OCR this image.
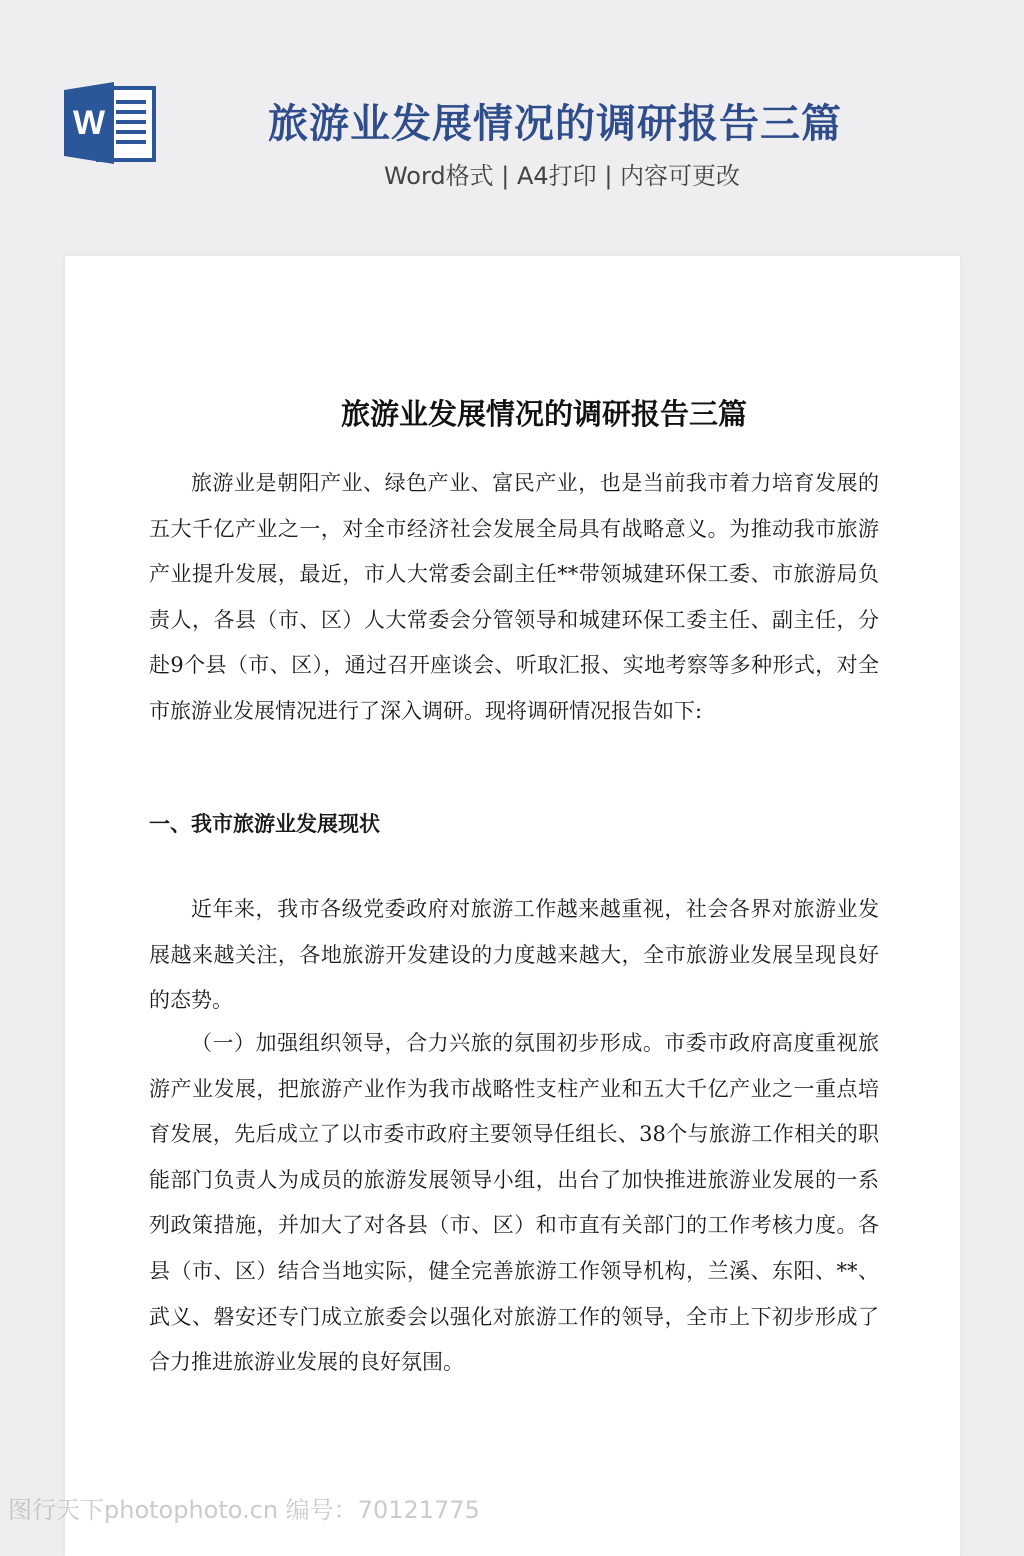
W	旅游业发展情况的调研报告三篇
Word格式 | A4打印 | 内容可更改
旅游业发展情况的调研报告三篇

旅游业是朝阳产业、绿色产业、富民产业，也是当前我市着力培育发展的五大千亿产业之一，对全市经济社会发展全局具有战略意义。为推动我市旅游产业提升发展，最近，市人大常委会副主任**带领城建环保工委、市旅游局负责人，各县（市、区）人大常委会分管领导和城建环保工委主任、副主任，分赴9个县（市、区），通过召开座谈会、听取汇报、实地考察等多种形式，对全市旅游业发展情况进行了深入调研。现将调研情况报告如下:

一、我市旅游业发展现状

近年来，我市各级党委政府对旅游工作越来越重视，社会各界对旅游业发展越来越关注，各地旅游开发建设的力度越来越大，全市旅游业发展呈现良好的态势。

（一）加强组织领导，合力兴旅的氛围初步形成。市委市政府高度重视旅游产业发展，把旅游产业作为我市战略性支柱产业和五大千亿产业之一重点培育发展，先后成立了以市委市政府主要领导任组长、38个与旅游工作相关的职能部门负责人为成员的旅游发展领导小组，出台了加快推进旅游业发展的一系列政策措施，并加大了对各县（市、区）和市直有关部门的工作考核力度。各县（市、区）结合当地实际，健全完善旅游工作领导机构，兰溪、东阳、**、武义、磐安还专门成立旅委会以强化对旅游工作的领导，全市上下初步形成了合力推进旅游业发展的良好氛围。

图行天下photophoto.cn 编号：70121775
